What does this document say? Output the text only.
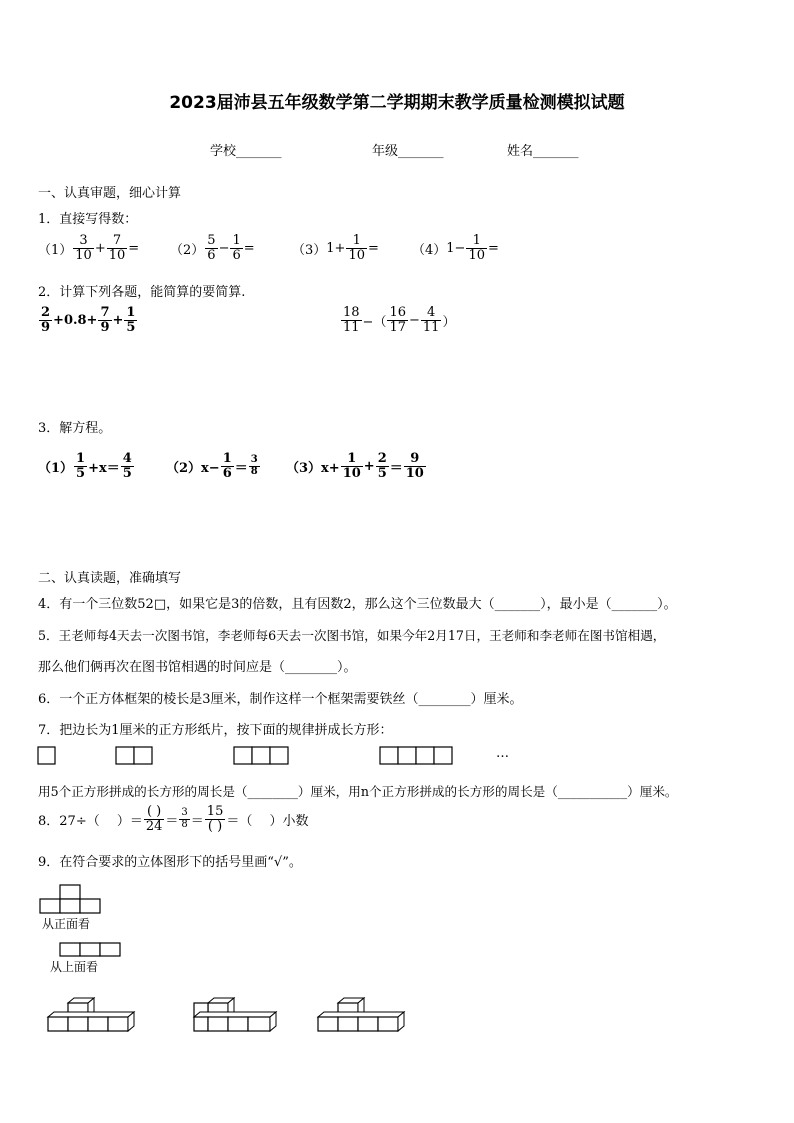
2023届沛县五年级数学第二学期期末教学质量检测模拟试题
学校_______	年级_______	姓名_______
一、认真审题，细心计算
1．直接写得数：
$(1) \frac{3}{10} + \frac{7}{10} = (2) \frac{5}{6} - \frac{1}{6}$ =	（3） $1+ \frac{1}{10}$ =	（4） $1- \frac{1}{10}$ =
2．计算下列各题，能简算的要简算.
$\frac{2}{9} +0.8+ \frac{7}{9} + \frac{1}{5}$	$\frac{18}{11}$ −（ $\frac{16}{17} - \frac{4}{11}$ ）
3．解方程。
$(1) \frac{1}{5} +x= \frac{4}{5} (2)x- \frac{1}{6} = \frac{3}{8} (3)x+ \frac{1}{10} + \frac{2}{5} = \frac{9}{10}$
二、认真读题，准确填写
4．有一个三位数52□，如果它是3的倍数，且有因数2，那么这个三位数最大（_______），最小是（_______）。
5．王老师每4天去一次图书馆，李老师每6天去一次图书馆，如果今年2月17日，王老师和李老师在图书馆相遇，
那么他们俩再次在图书馆相遇的时间应是（________）。
6．一个正方体框架的棱长是3厘米，制作这样一个框架需要铁丝（________）厘米。
7．把边长为1厘米的正方形纸片，按下面的规律拼成长方形：
…
用5个正方形拼成的长方形的周长是（________）厘米，用n个正方形拼成的长方形的周长是（___________）厘米。
8．27÷（　 ）＝ $\frac{( )}{24} = \frac{3}{8} = \frac{15}{( )}$ ＝（　 ）小数
9．在符合要求的立体图形下的括号里画“√”。
从正面看
从上面看
